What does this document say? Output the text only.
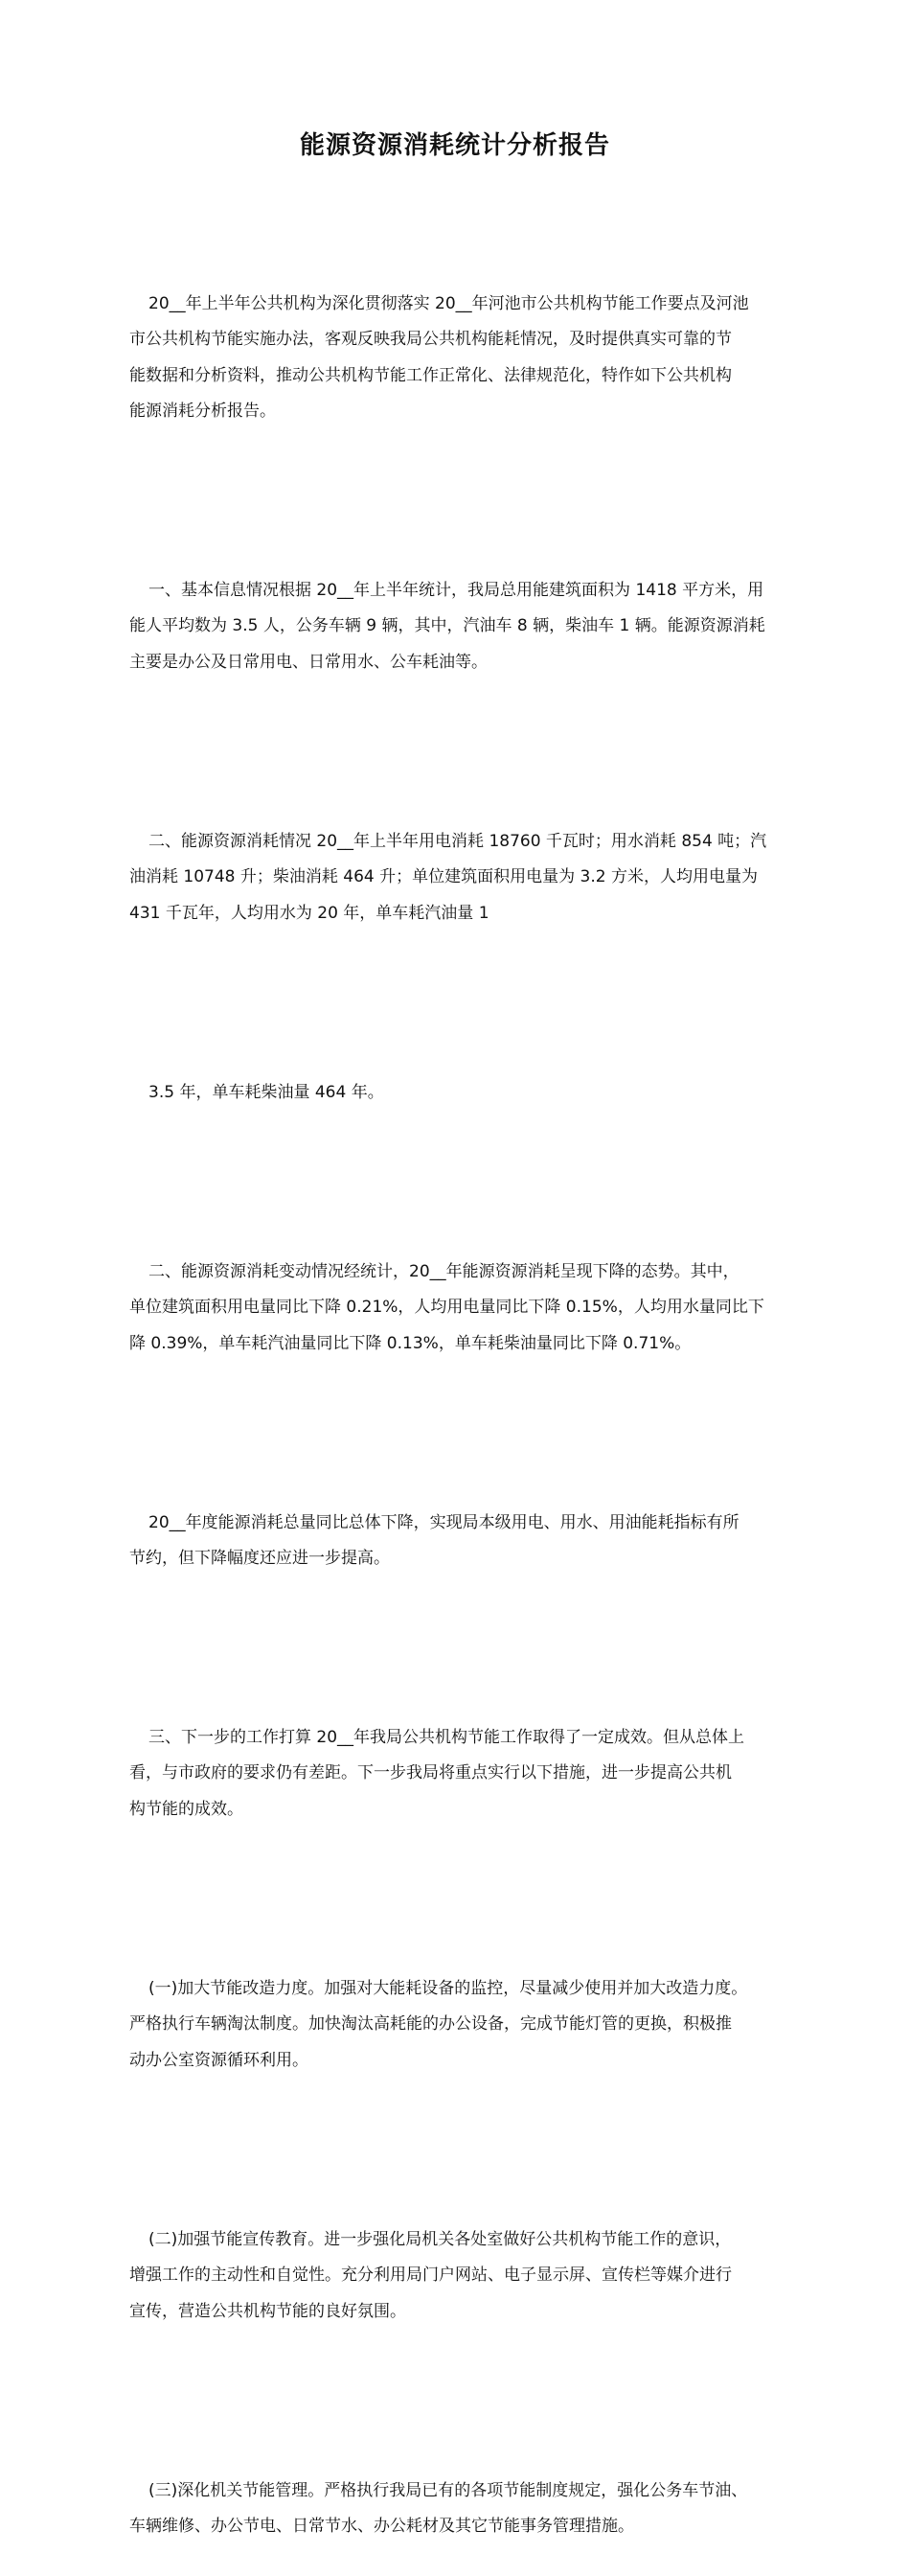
能源资源消耗统计分析报告

20__年上半年公共机构为深化贯彻落实 20__年河池市公共机构节能工作要点及河池
市公共机构节能实施办法，客观反映我局公共机构能耗情况，及时提供真实可靠的节
能数据和分析资料，推动公共机构节能工作正常化、法律规范化，特作如下公共机构
能源消耗分析报告。

一、基本信息情况根据 20__年上半年统计，我局总用能建筑面积为 1418 平方米，用
能人平均数为 3.5 人，公务车辆 9 辆，其中，汽油车 8 辆，柴油车 1 辆。能源资源消耗
主要是办公及日常用电、日常用水、公车耗油等。

二、能源资源消耗情况 20__年上半年用电消耗 18760 千瓦时；用水消耗 854 吨；汽
油消耗 10748 升；柴油消耗 464 升；单位建筑面积用电量为 3.2 方米，人均用电量为
431 千瓦年，人均用水为 20 年，单车耗汽油量 1

3.5 年，单车耗柴油量 464 年。

二、能源资源消耗变动情况经统计，20__年能源资源消耗呈现下降的态势。其中，
单位建筑面积用电量同比下降 0.21%，人均用电量同比下降 0.15%，人均用水量同比下
降 0.39%，单车耗汽油量同比下降 0.13%，单车耗柴油量同比下降 0.71%。

20__年度能源消耗总量同比总体下降，实现局本级用电、用水、用油能耗指标有所
节约，但下降幅度还应进一步提高。

三、下一步的工作打算 20__年我局公共机构节能工作取得了一定成效。但从总体上
看，与市政府的要求仍有差距。下一步我局将重点实行以下措施，进一步提高公共机
构节能的成效。

(一)加大节能改造力度。加强对大能耗设备的监控，尽量减少使用并加大改造力度。
严格执行车辆淘汰制度。加快淘汰高耗能的办公设备，完成节能灯管的更换，积极推
动办公室资源循环利用。

(二)加强节能宣传教育。进一步强化局机关各处室做好公共机构节能工作的意识，
增强工作的主动性和自觉性。充分利用局门户网站、电子显示屏、宣传栏等媒介进行
宣传，营造公共机构节能的良好氛围。

(三)深化机关节能管理。严格执行我局已有的各项节能制度规定，强化公务车节油、
车辆维修、办公节电、日常节水、办公耗材及其它节能事务管理措施。
